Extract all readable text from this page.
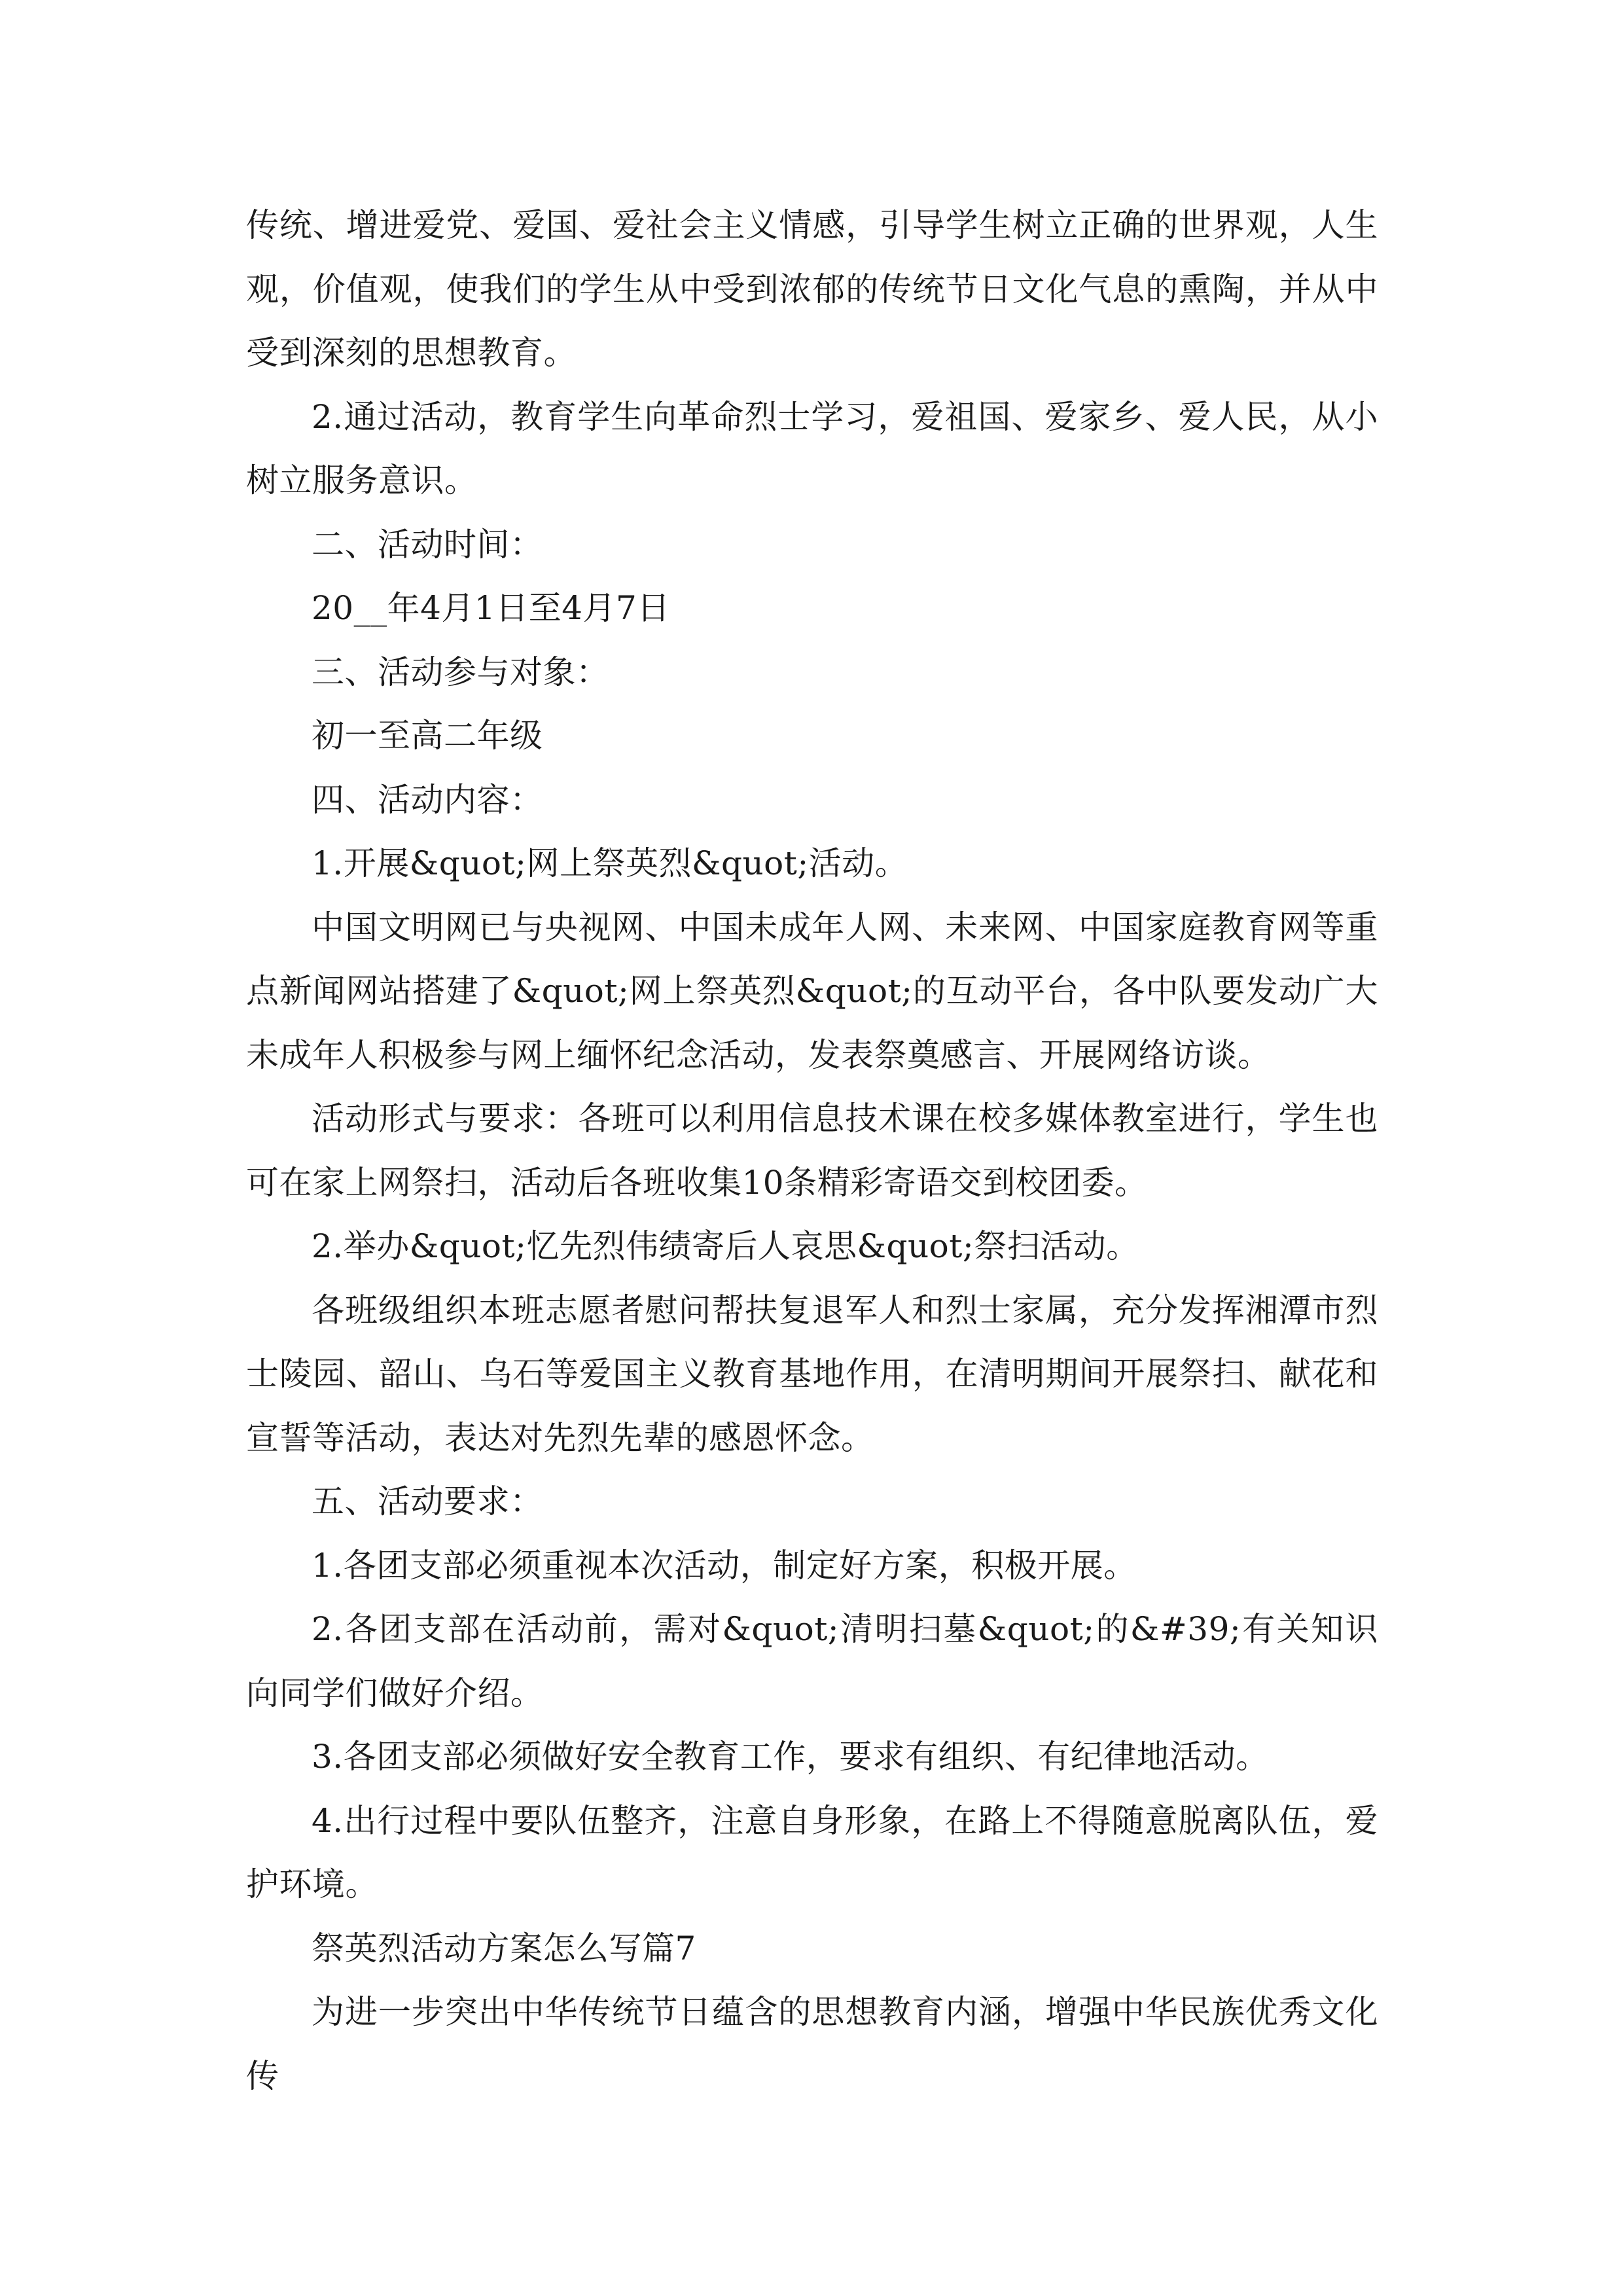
传统、增进爱党、爱国、爱社会主义情感，引导学生树立正确的世界观，人生观，价值观，使我们的学生从中受到浓郁的传统节日文化气息的熏陶，并从中受到深刻的思想教育。

2.通过活动，教育学生向革命烈士学习，爱祖国、爱家乡、爱人民，从小树立服务意识。

二、活动时间：

20__年4月1日至4月7日

三、活动参与对象：

初一至高二年级

四、活动内容：

1.开展&quot;网上祭英烈&quot;活动。

中国文明网已与央视网、中国未成年人网、未来网、中国家庭教育网等重点新闻网站搭建了&quot;网上祭英烈&quot;的互动平台，各中队要发动广大未成年人积极参与网上缅怀纪念活动，发表祭奠感言、开展网络访谈。

活动形式与要求：各班可以利用信息技术课在校多媒体教室进行，学生也可在家上网祭扫，活动后各班收集10条精彩寄语交到校团委。

2.举办&quot;忆先烈伟绩寄后人哀思&quot;祭扫活动。

各班级组织本班志愿者慰问帮扶复退军人和烈士家属，充分发挥湘潭市烈士陵园、韶山、乌石等爱国主义教育基地作用，在清明期间开展祭扫、献花和宣誓等活动，表达对先烈先辈的感恩怀念。

五、活动要求：

1.各团支部必须重视本次活动，制定好方案，积极开展。

2.各团支部在活动前，需对&quot;清明扫墓&quot;的&#39;有关知识向同学们做好介绍。

3.各团支部必须做好安全教育工作，要求有组织、有纪律地活动。

4.出行过程中要队伍整齐，注意自身形象，在路上不得随意脱离队伍，爱护环境。

祭英烈活动方案怎么写篇7

为进一步突出中华传统节日蕴含的思想教育内涵，增强中华民族优秀文化传
